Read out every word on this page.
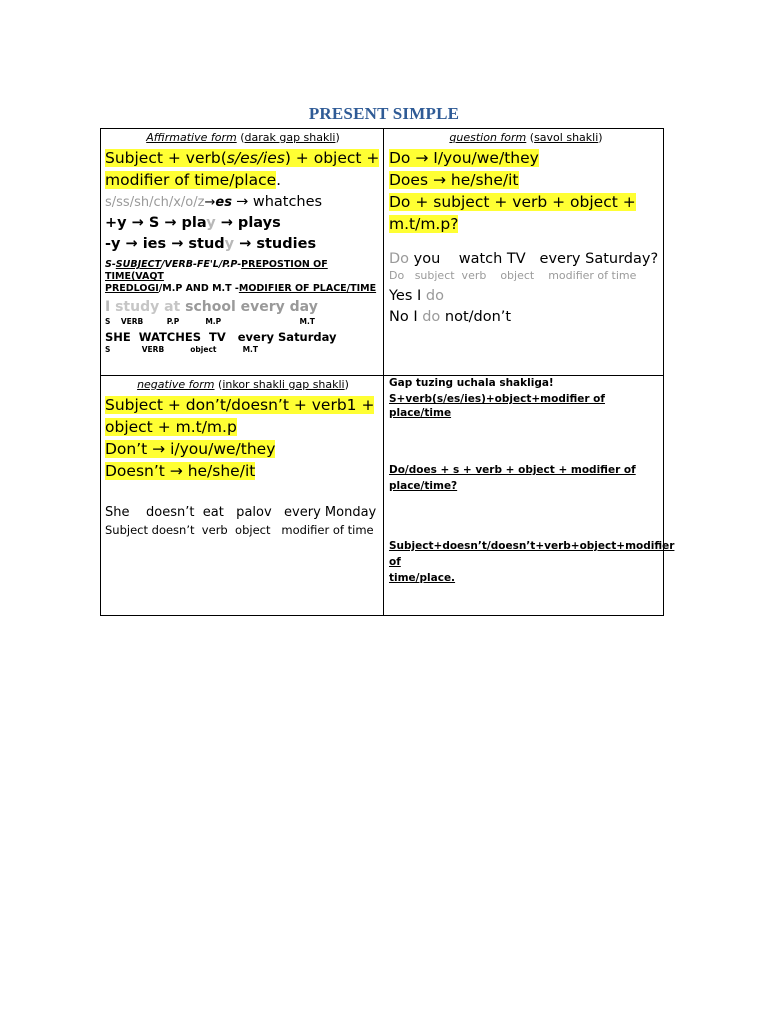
PRESENT SIMPLE
Affirmative form (darak gap shakli)
Subject + verb(s/es/ies) + object +
modifier of time/place.
s/ss/sh/ch/x/o/z→es → whatches
+y → S → play → plays
-y → ies → study → studies
S-SUBJECT/VERB-FE'L/P.P-PREPOSTION OF TIME(VAQT
PREDLOGI/M.P AND M.T -MODIFIER OF PLACE/TIME
I study at school every day
S    VERB         P.P          M.P                              M.T
SHE  WATCHES  TV   every Saturday
S            VERB          object          M.T
question form (savol shakli)
Do → I/you/we/they
Does → he/she/it
Do + subject + verb + object +
m.t/m.p?
Do you    watch TV   every Saturday?
Do   subject  verb    object    modifier of time
Yes I do
No I do not/don’t
negative form (inkor shakli gap shakli)
Subject + don’t/doesn’t + verb1 +
object + m.t/m.p
Don’t → i/you/we/they
Doesn’t → he/she/it
She    doesn’t  eat   palov   every Monday
Subject doesn’t  verb  object   modifier of time
Gap tuzing uchala shakliga!
S+verb(s/es/ies)+object+modifier of place/time
Do/does + s + verb + object + modifier of
place/time?
Subject+doesn’t/doesn’t+verb+object+modifier of
time/place.
